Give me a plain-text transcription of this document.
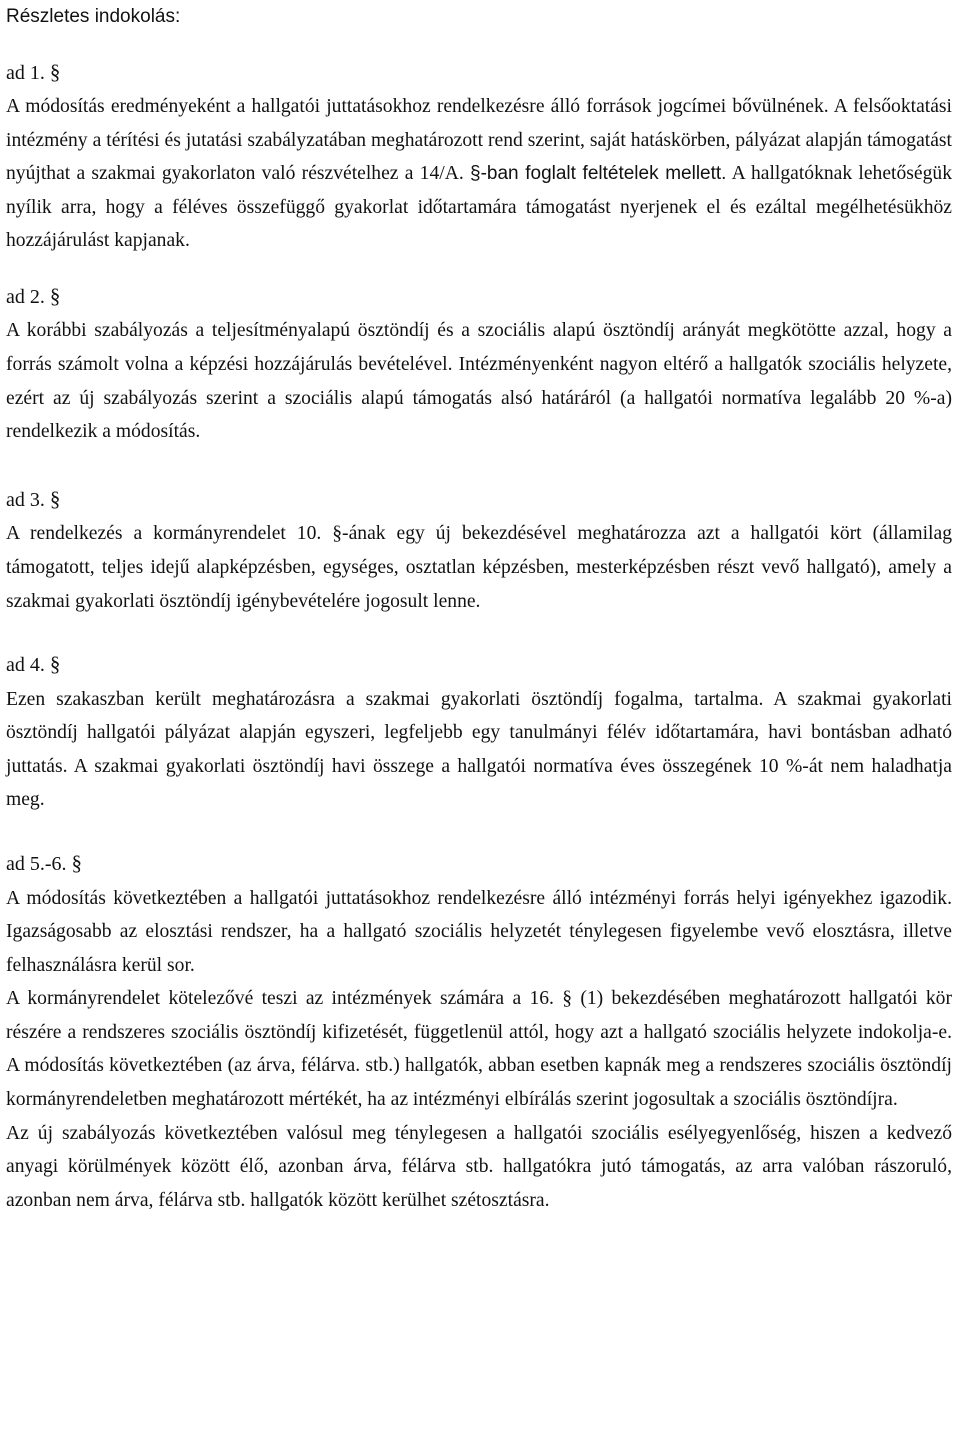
Részletes indokolás:
ad 1. §

A módosítás eredményeként a hallgatói juttatásokhoz rendelkezésre álló források jogcímei bővülnének. A felsőoktatási intézmény a térítési és jutatási szabályzatában meghatározott rend szerint, saját hatáskörben, pályázat alapján támogatást nyújthat a szakmai gyakorlaton való részvételhez a 14/A. §-ban foglalt feltételek mellett. A hallgatóknak lehetőségük nyílik arra, hogy a féléves összefüggő gyakorlat időtartamára támogatást nyerjenek el és ezáltal megélhetésükhöz hozzájárulást kapjanak.

ad 2. §

A korábbi szabályozás a teljesítményalapú ösztöndíj és a szociális alapú ösztöndíj arányát megkötötte azzal, hogy a forrás számolt volna a képzési hozzájárulás bevételével. Intézményenként nagyon eltérő a hallgatók szociális helyzete, ezért az új szabályozás szerint a szociális alapú támogatás alsó határáról (a hallgatói normatíva legalább 20 %-a) rendelkezik a módosítás.

ad 3. §

A rendelkezés a kormányrendelet 10. §-ának egy új bekezdésével meghatározza azt a hallgatói kört (államilag támogatott, teljes idejű alapképzésben, egységes, osztatlan képzésben, mesterképzésben részt vevő hallgató), amely a szakmai gyakorlati ösztöndíj igénybevételére jogosult lenne.

ad 4. §

Ezen szakaszban került meghatározásra a szakmai gyakorlati ösztöndíj fogalma, tartalma. A szakmai gyakorlati ösztöndíj hallgatói pályázat alapján egyszeri, legfeljebb egy tanulmányi félév időtartamára, havi bontásban adható juttatás. A szakmai gyakorlati ösztöndíj havi összege a hallgatói normatíva éves összegének 10 %-át nem haladhatja meg.

ad 5.-6. §

A módosítás következtében a hallgatói juttatásokhoz rendelkezésre álló intézményi forrás helyi igényekhez igazodik. Igazságosabb az elosztási rendszer, ha a hallgató szociális helyzetét ténylegesen figyelembe vevő elosztásra, illetve felhasználásra kerül sor.

A kormányrendelet kötelezővé teszi az intézmények számára a 16. § (1) bekezdésében meghatározott hallgatói kör részére a rendszeres szociális ösztöndíj kifizetését, függetlenül attól, hogy azt a hallgató szociális helyzete indokolja-e. A módosítás következtében (az árva, félárva. stb.) hallgatók, abban esetben kapnák meg a rendszeres szociális ösztöndíj kormányrendeletben meghatározott mértékét, ha az intézményi elbírálás szerint jogosultak a szociális ösztöndíjra.

Az új szabályozás következtében valósul meg ténylegesen a hallgatói szociális esélyegyenlőség, hiszen a kedvező anyagi körülmények között élő, azonban árva, félárva stb. hallgatókra jutó támogatás, az arra valóban rászoruló, azonban nem árva, félárva stb. hallgatók között kerülhet szétosztásra.
